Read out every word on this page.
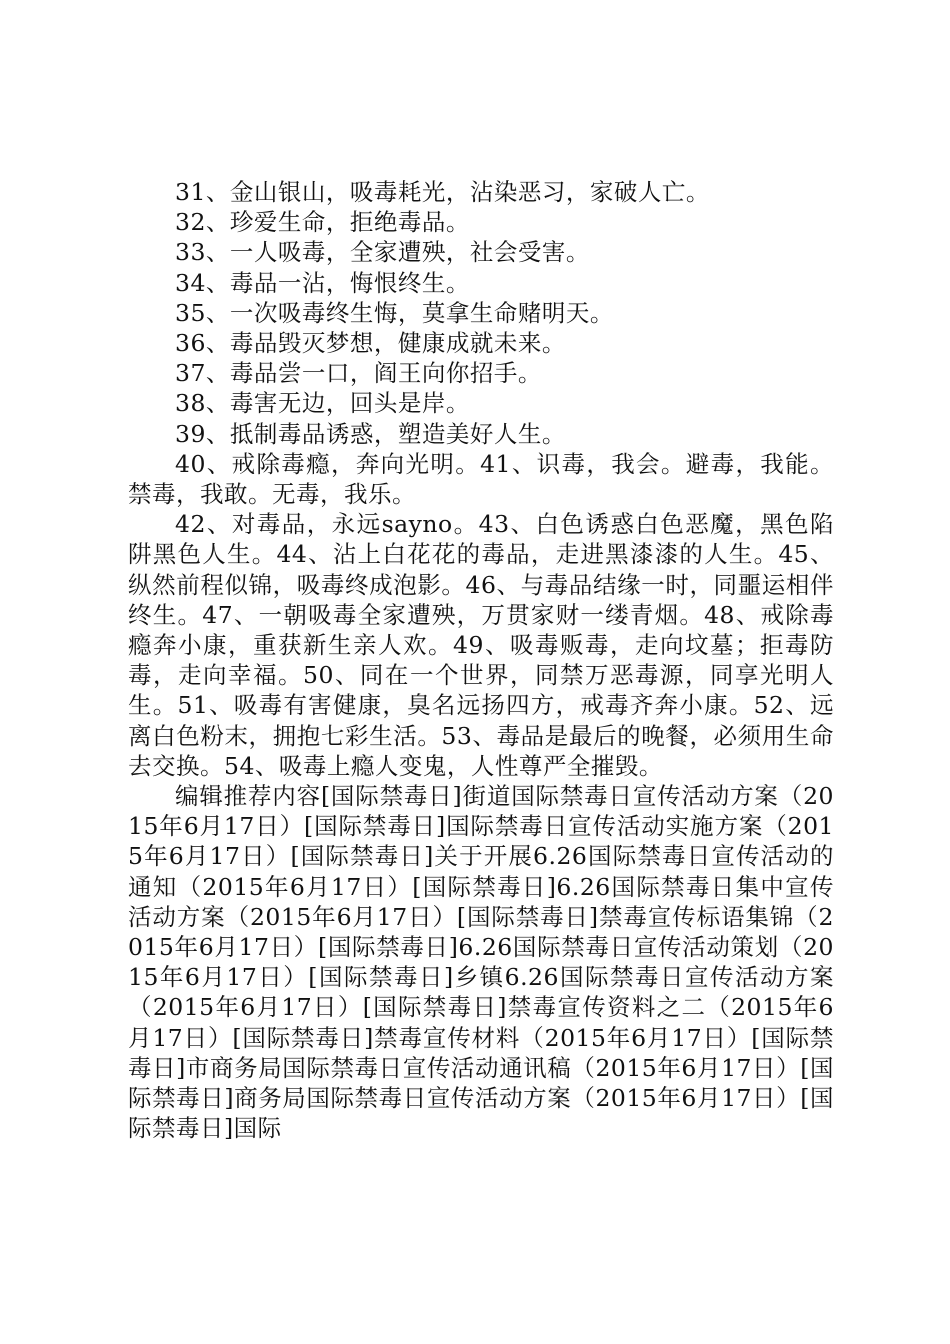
31、金山银山，吸毒耗光，沾染恶习，家破人亡。

32、珍爱生命，拒绝毒品。

33、一人吸毒，全家遭殃，社会受害。

34、毒品一沾，悔恨终生。

35、一次吸毒终生悔，莫拿生命赌明天。

36、毒品毁灭梦想，健康成就未来。

37、毒品尝一口，阎王向你招手。

38、毒害无边，回头是岸。

39、抵制毒品诱惑，塑造美好人生。

40、戒除毒瘾，奔向光明。41、识毒，我会。避毒，我能。禁毒，我敢。无毒，我乐。

42、对毒品，永远sayno。43、白色诱惑白色恶魔，黑色陷阱黑色人生。44、沾上白花花的毒品，走进黑漆漆的人生。45、纵然前程似锦，吸毒终成泡影。46、与毒品结缘一时，同噩运相伴终生。47、一朝吸毒全家遭殃，万贯家财一缕青烟。48、戒除毒瘾奔小康，重获新生亲人欢。49、吸毒贩毒，走向坟墓；拒毒防毒，走向幸福。50、同在一个世界，同禁万恶毒源，同享光明人生。51、吸毒有害健康，臭名远扬四方，戒毒齐奔小康。52、远离白色粉末，拥抱七彩生活。53、毒品是最后的晚餐，必须用生命去交换。54、吸毒上瘾人变鬼，人性尊严全摧毁。

编辑推荐内容[国际禁毒日]街道国际禁毒日宣传活动方案（2015年6月17日）[国际禁毒日]国际禁毒日宣传活动实施方案（2015年6月17日）[国际禁毒日]关于开展6.26国际禁毒日宣传活动的通知（2015年6月17日）[国际禁毒日]6.26国际禁毒日集中宣传活动方案（2015年6月17日）[国际禁毒日]禁毒宣传标语集锦（2015年6月17日）[国际禁毒日]6.26国际禁毒日宣传活动策划（2015年6月17日）[国际禁毒日]乡镇6.26国际禁毒日宣传活动方案（2015年6月17日）[国际禁毒日]禁毒宣传资料之二（2015年6月17日）[国际禁毒日]禁毒宣传材料（2015年6月17日）[国际禁毒日]市商务局国际禁毒日宣传活动通讯稿（2015年6月17日）[国际禁毒日]商务局国际禁毒日宣传活动方案（2015年6月17日）[国际禁毒日]国际
